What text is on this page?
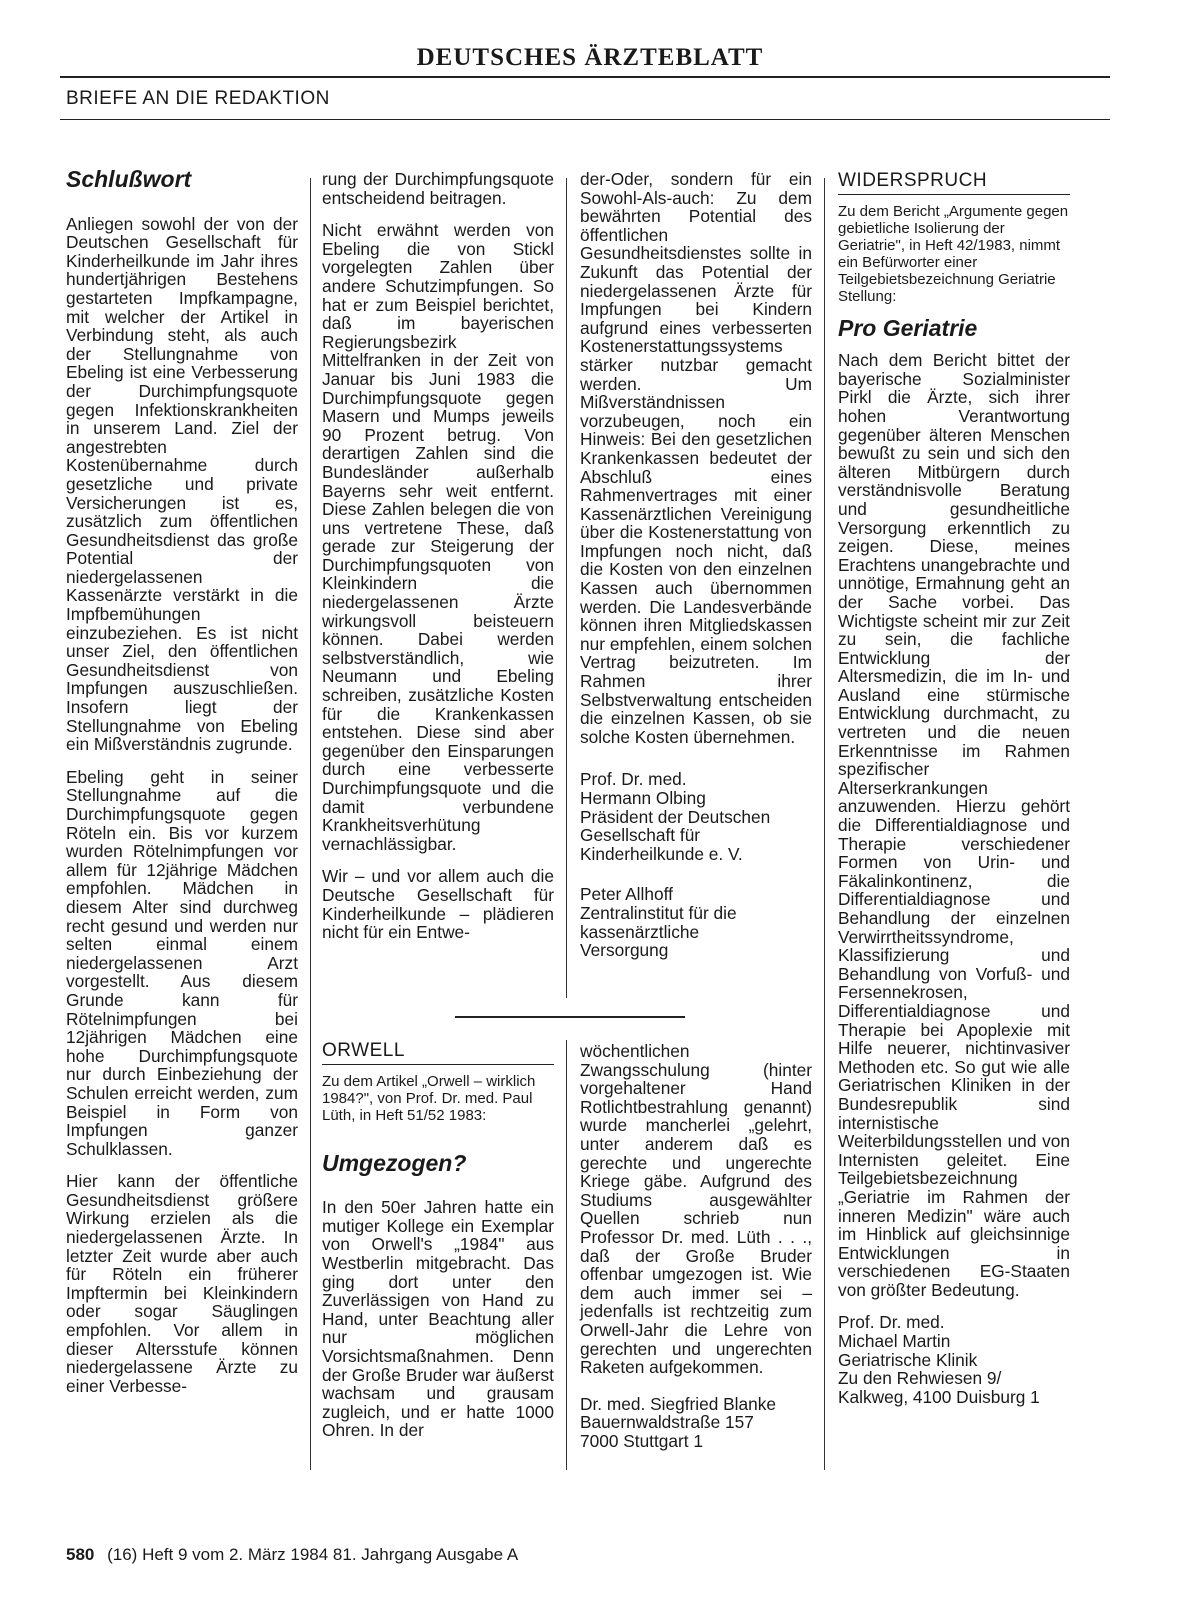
DEUTSCHES ÄRZTEBLATT
BRIEFE AN DIE REDAKTION
Schlußwort

Anliegen sowohl der von der Deutschen Gesellschaft für Kinderheilkunde im Jahr ihres hundertjährigen Bestehens gestarteten Impfkampagne, mit welcher der Artikel in Verbindung steht, als auch der Stellungnahme von Ebeling ist eine Verbesserung der Durchimpfungsquote gegen Infektionskrankheiten in unserem Land. Ziel der angestrebten Kostenübernahme durch gesetzliche und private Versicherungen ist es, zusätzlich zum öffentlichen Gesundheitsdienst das große Potential der niedergelassenen Kassenärzte verstärkt in die Impfbemühungen einzubeziehen. Es ist nicht unser Ziel, den öffentlichen Gesundheitsdienst von Impfungen auszuschließen. Insofern liegt der Stellungnahme von Ebeling ein Mißverständnis zugrunde.

Ebeling geht in seiner Stellungnahme auf die Durchimpfungsquote gegen Röteln ein. Bis vor kurzem wurden Rötelnimpfungen vor allem für 12jährige Mädchen empfohlen. Mädchen in diesem Alter sind durchweg recht gesund und werden nur selten einmal einem niedergelassenen Arzt vorgestellt. Aus diesem Grunde kann für Rötelnimpfungen bei 12jährigen Mädchen eine hohe Durchimpfungsquote nur durch Einbeziehung der Schulen erreicht werden, zum Beispiel in Form von Impfungen ganzer Schulklassen.

Hier kann der öffentliche Gesundheitsdienst größere Wirkung erzielen als die niedergelassenen Ärzte. In letzter Zeit wurde aber auch für Röteln ein früherer Impftermin bei Kleinkindern oder sogar Säuglingen empfohlen. Vor allem in dieser Altersstufe können niedergelassene Ärzte zu einer Verbesse-

rung der Durchimpfungsquote entscheidend beitragen.

Nicht erwähnt werden von Ebeling die von Stickl vorgelegten Zahlen über andere Schutzimpfungen. So hat er zum Beispiel berichtet, daß im bayerischen Regierungsbezirk Mittelfranken in der Zeit von Januar bis Juni 1983 die Durchimpfungsquote gegen Masern und Mumps jeweils 90 Prozent betrug. Von derartigen Zahlen sind die Bundesländer außerhalb Bayerns sehr weit entfernt. Diese Zahlen belegen die von uns vertretene These, daß gerade zur Steigerung der Durchimpfungsquoten von Kleinkindern die niedergelassenen Ärzte wirkungsvoll beisteuern können. Dabei werden selbstverständlich, wie Neumann und Ebeling schreiben, zusätzliche Kosten für die Krankenkassen entstehen. Diese sind aber gegenüber den Einsparungen durch eine verbesserte Durchimpfungsquote und die damit verbundene Krankheitsverhütung vernachlässigbar.

Wir – und vor allem auch die Deutsche Gesellschaft für Kinderheilkunde – plädieren nicht für ein Entwe-

der-Oder, sondern für ein Sowohl-Als-auch: Zu dem bewährten Potential des öffentlichen Gesundheitsdienstes sollte in Zukunft das Potential der niedergelassenen Ärzte für Impfungen bei Kindern aufgrund eines verbesserten Kostenerstattungssystems stärker nutzbar gemacht werden. Um Mißverständnissen vorzubeugen, noch ein Hinweis: Bei den gesetzlichen Krankenkassen bedeutet der Abschluß eines Rahmenvertrages mit einer Kassenärztlichen Vereinigung über die Kostenerstattung von Impfungen noch nicht, daß die Kosten von den einzelnen Kassen auch übernommen werden. Die Landesverbände können ihren Mitgliedskassen nur empfehlen, einem solchen Vertrag beizutreten. Im Rahmen ihrer Selbstverwaltung entscheiden die einzelnen Kassen, ob sie solche Kosten übernehmen.

Prof. Dr. med.
Hermann Olbing
Präsident der Deutschen
Gesellschaft für
Kinderheilkunde e. V.
Peter Allhoff
Zentralinstitut für die
kassenärztliche
Versorgung
ORWELL
Zu dem Artikel „Orwell – wirklich 1984?", von Prof. Dr. med. Paul Lüth, in Heft 51/52 1983:
Umgezogen?

In den 50er Jahren hatte ein mutiger Kollege ein Exemplar von Orwell's „1984" aus Westberlin mitgebracht. Das ging dort unter den Zuverlässigen von Hand zu Hand, unter Beachtung aller nur möglichen Vorsichtsmaßnahmen. Denn der Große Bruder war äußerst wachsam und grausam zugleich, und er hatte 1000 Ohren. In der

wöchentlichen Zwangsschulung (hinter vorgehaltener Hand Rotlichtbestrahlung genannt) wurde mancherlei „gelehrt, unter anderem daß es gerechte und ungerechte Kriege gäbe. Aufgrund des Studiums ausgewählter Quellen schrieb nun Professor Dr. med. Lüth . . ., daß der Große Bruder offenbar umgezogen ist. Wie dem auch immer sei – jedenfalls ist rechtzeitig zum Orwell-Jahr die Lehre von gerechten und ungerechten Raketen aufgekommen.

Dr. med. Siegfried Blanke
Bauernwaldstraße 157
7000 Stuttgart 1
WIDERSPRUCH
Zu dem Bericht „Argumente gegen gebietliche Isolierung der Geriatrie", in Heft 42/1983, nimmt ein Befürworter einer Teilgebietsbezeichnung Geriatrie Stellung:
Pro Geriatrie

Nach dem Bericht bittet der bayerische Sozialminister Pirkl die Ärzte, sich ihrer hohen Verantwortung gegenüber älteren Menschen bewußt zu sein und sich den älteren Mitbürgern durch verständnisvolle Beratung und gesundheitliche Versorgung erkenntlich zu zeigen. Diese, meines Erachtens unangebrachte und unnötige, Ermahnung geht an der Sache vorbei. Das Wichtigste scheint mir zur Zeit zu sein, die fachliche Entwicklung der Altersmedizin, die im In- und Ausland eine stürmische Entwicklung durchmacht, zu vertreten und die neuen Erkenntnisse im Rahmen spezifischer Alterserkrankungen anzuwenden. Hierzu gehört die Differentialdiagnose und Therapie verschiedener Formen von Urin- und Fäkalinkontinenz, die Differentialdiagnose und Behandlung der einzelnen Verwirrtheitssyndrome, Klassifizierung und Behandlung von Vorfuß- und Fersennekrosen, Differentialdiagnose und Therapie bei Apoplexie mit Hilfe neuerer, nichtinvasiver Methoden etc. So gut wie alle Geriatrischen Kliniken in der Bundesrepublik sind internistische Weiterbildungsstellen und von Internisten geleitet. Eine Teilgebietsbezeichnung „Geriatrie im Rahmen der inneren Medizin" wäre auch im Hinblick auf gleichsinnige Entwicklungen in verschiedenen EG-Staaten von größter Bedeutung.

Prof. Dr. med.
Michael Martin
Geriatrische Klinik
Zu den Rehwiesen 9/
Kalkweg, 4100 Duisburg 1
580 (16) Heft 9 vom 2. März 1984 81. Jahrgang Ausgabe A
